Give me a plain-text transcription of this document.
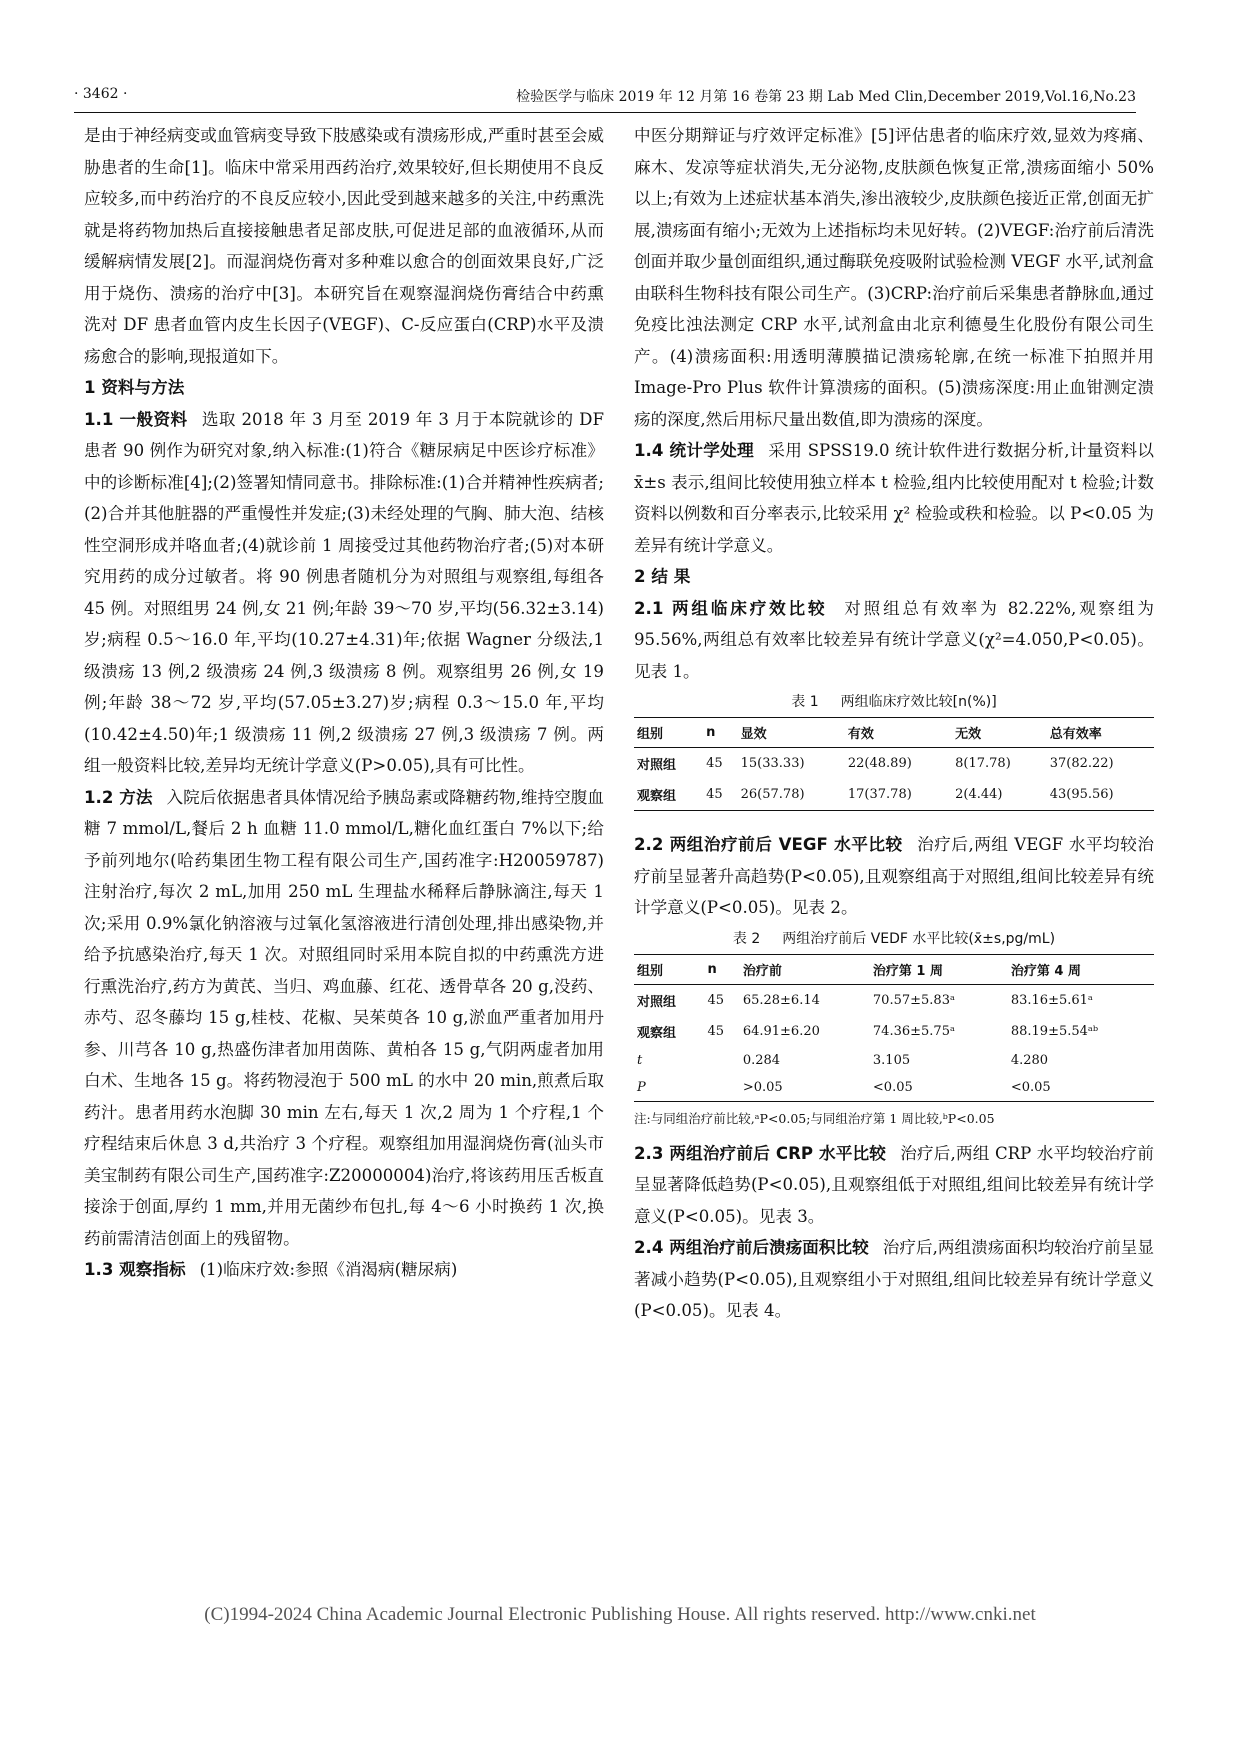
· 3462 ·	检验医学与临床 2019 年 12 月第 16 卷第 23 期 Lab Med Clin,December 2019,Vol.16,No.23

是由于神经病变或血管病变导致下肢感染或有溃疡形成,严重时甚至会威胁患者的生命[1]。临床中常采用西药治疗,效果较好,但长期使用不良反应较多,而中药治疗的不良反应较小,因此受到越来越多的关注,中药熏洗就是将药物加热后直接接触患者足部皮肤,可促进足部的血液循环,从而缓解病情发展[2]。而湿润烧伤膏对多种难以愈合的创面效果良好,广泛用于烧伤、溃疡的治疗中[3]。本研究旨在观察湿润烧伤膏结合中药熏洗对 DF 患者血管内皮生长因子(VEGF)、C-反应蛋白(CRP)水平及溃疡愈合的影响,现报道如下。

1 资料与方法

1.1 一般资料 选取 2018 年 3 月至 2019 年 3 月于本院就诊的 DF 患者 90 例作为研究对象,纳入标准:(1)符合《糖尿病足中医诊疗标准》中的诊断标准[4];(2)签署知情同意书。排除标准:(1)合并精神性疾病者;(2)合并其他脏器的严重慢性并发症;(3)未经处理的气胸、肺大泡、结核性空洞形成并咯血者;(4)就诊前 1 周接受过其他药物治疗者;(5)对本研究用药的成分过敏者。将 90 例患者随机分为对照组与观察组,每组各 45 例。对照组男 24 例,女 21 例;年龄 39～70 岁,平均(56.32±3.14)岁;病程 0.5～16.0 年,平均(10.27±4.31)年;依据 Wagner 分级法,1 级溃疡 13 例,2 级溃疡 24 例,3 级溃疡 8 例。观察组男 26 例,女 19 例;年龄 38～72 岁,平均(57.05±3.27)岁;病程 0.3～15.0 年,平均(10.42±4.50)年;1 级溃疡 11 例,2 级溃疡 27 例,3 级溃疡 7 例。两组一般资料比较,差异均无统计学意义(P>0.05),具有可比性。

1.2 方法 入院后依据患者具体情况给予胰岛素或降糖药物,维持空腹血糖 7 mmol/L,餐后 2 h 血糖 11.0 mmol/L,糖化血红蛋白 7%以下;给予前列地尔(哈药集团生物工程有限公司生产,国药准字:H20059787)注射治疗,每次 2 mL,加用 250 mL 生理盐水稀释后静脉滴注,每天 1 次;采用 0.9%氯化钠溶液与过氧化氢溶液进行清创处理,排出感染物,并给予抗感染治疗,每天 1 次。对照组同时采用本院自拟的中药熏洗方进行熏洗治疗,药方为黄芪、当归、鸡血藤、红花、透骨草各 20 g,没药、赤芍、忍冬藤均 15 g,桂枝、花椒、吴茱萸各 10 g,淤血严重者加用丹参、川芎各 10 g,热盛伤津者加用茵陈、黄柏各 15 g,气阴两虚者加用白术、生地各 15 g。将药物浸泡于 500 mL 的水中 20 min,煎煮后取药汁。患者用药水泡脚 30 min 左右,每天 1 次,2 周为 1 个疗程,1 个疗程结束后休息 3 d,共治疗 3 个疗程。观察组加用湿润烧伤膏(汕头市美宝制药有限公司生产,国药准字:Z20000004)治疗,将该药用压舌板直接涂于创面,厚约 1 mm,并用无菌纱布包扎,每 4～6 小时换药 1 次,换药前需清洁创面上的残留物。

1.3 观察指标 (1)临床疗效:参照《消渴病(糖尿病)

中医分期辩证与疗效评定标准》[5]评估患者的临床疗效,显效为疼痛、麻木、发凉等症状消失,无分泌物,皮肤颜色恢复正常,溃疡面缩小 50%以上;有效为上述症状基本消失,渗出液较少,皮肤颜色接近正常,创面无扩展,溃疡面有缩小;无效为上述指标均未见好转。(2)VEGF:治疗前后清洗创面并取少量创面组织,通过酶联免疫吸附试验检测 VEGF 水平,试剂盒由联科生物科技有限公司生产。(3)CRP:治疗前后采集患者静脉血,通过免疫比浊法测定 CRP 水平,试剂盒由北京利德曼生化股份有限公司生产。(4)溃疡面积:用透明薄膜描记溃疡轮廓,在统一标准下拍照并用 Image-Pro Plus 软件计算溃疡的面积。(5)溃疡深度:用止血钳测定溃疡的深度,然后用标尺量出数值,即为溃疡的深度。

1.4 统计学处理 采用 SPSS19.0 统计软件进行数据分析,计量资料以 x̄±s 表示,组间比较使用独立样本 t 检验,组内比较使用配对 t 检验;计数资料以例数和百分率表示,比较采用 χ² 检验或秩和检验。以 P<0.05 为差异有统计学意义。

2 结 果

2.1 两组临床疗效比较 对照组总有效率为 82.22%,观察组为 95.56%,两组总有效率比较差异有统计学意义(χ²=4.050,P<0.05)。见表 1。

表 1 两组临床疗效比较[n(%)]

组别	n	显效	有效	无效	总有效率
对照组	45	15(33.33)	22(48.89)	8(17.78)	37(82.22)
观察组	45	26(57.78)	17(37.78)	2(4.44)	43(95.56)

2.2 两组治疗前后 VEGF 水平比较 治疗后,两组 VEGF 水平均较治疗前呈显著升高趋势(P<0.05),且观察组高于对照组,组间比较差异有统计学意义(P<0.05)。见表 2。

表 2 两组治疗前后 VEDF 水平比较(x̄±s,pg/mL)

组别	n	治疗前	治疗第 1 周	治疗第 4 周
对照组	45	65.28±6.14	70.57±5.83ᵃ	83.16±5.61ᵃ
观察组	45	64.91±6.20	74.36±5.75ᵃ	88.19±5.54ᵃᵇ
t		0.284	3.105	4.280
P		>0.05	<0.05	<0.05

注:与同组治疗前比较,ᵃP<0.05;与同组治疗第 1 周比较,ᵇP<0.05

2.3 两组治疗前后 CRP 水平比较 治疗后,两组 CRP 水平均较治疗前呈显著降低趋势(P<0.05),且观察组低于对照组,组间比较差异有统计学意义(P<0.05)。见表 3。

2.4 两组治疗前后溃疡面积比较 治疗后,两组溃疡面积均较治疗前呈显著减小趋势(P<0.05),且观察组小于对照组,组间比较差异有统计学意义(P<0.05)。见表 4。

(C)1994-2024 China Academic Journal Electronic Publishing House. All rights reserved. http://www.cnki.net
